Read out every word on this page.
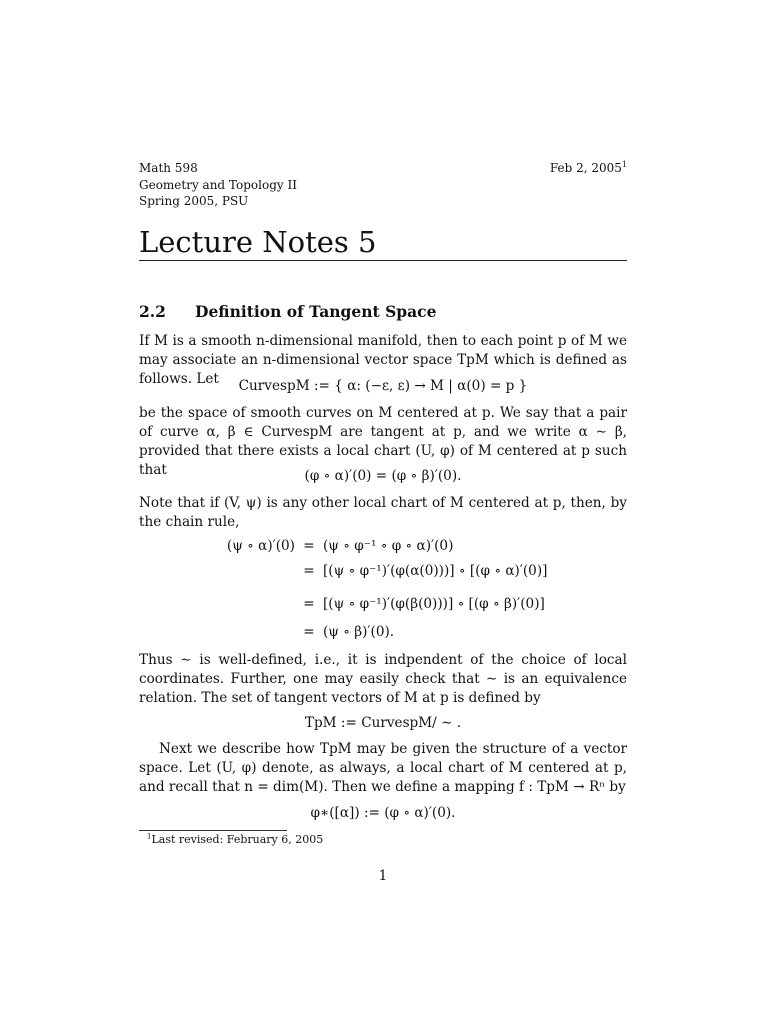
Math 598
Geometry and Topology II
Spring 2005, PSU
Feb 2, 2005$^1$
Lecture Notes 5
2.2 Definition of Tangent Space

If M is a smooth n-dimensional manifold, then to each point p of M we may associate an n-dimensional vector space TpM which is defined as follows. Let	CurvespM := { α: (−ε, ε) → M | α(0) = p }

be the space of smooth curves on M centered at p. We say that a pair of curve α, β ∈ CurvespM are tangent at p, and we write α ∼ β, provided that there exists a local chart (U, φ) of M centered at p such that	(φ ∘ α)′(0) = (φ ∘ β)′(0).

Note that if (V, ψ) is any other local chart of M centered at p, then, by the chain rule,

(ψ ∘ α)′(0) = (ψ ∘ φ⁻¹ ∘ φ ∘ α)′(0)
= [(ψ ∘ φ⁻¹)′(φ(α(0)))] ∘ [(φ ∘ α)′(0)]
= [(ψ ∘ φ⁻¹)′(φ(β(0)))] ∘ [(φ ∘ β)′(0)]
= (ψ ∘ β)′(0).

Thus ∼ is well-defined, i.e., it is indpendent of the choice of local coordinates. Further, one may easily check that ∼ is an equivalence relation. The set of tangent vectors of M at p is defined by

TpM := CurvespM/ ∼ .

Next we describe how TpM may be given the structure of a vector space. Let (U, φ) denote, as always, a local chart of M centered at p, and recall that n = dim(M). Then we define a mapping f : TpM → Rⁿ by

φ∗([α]) := (φ ∘ α)′(0).
$^1$Last revised: February 6, 2005
1
